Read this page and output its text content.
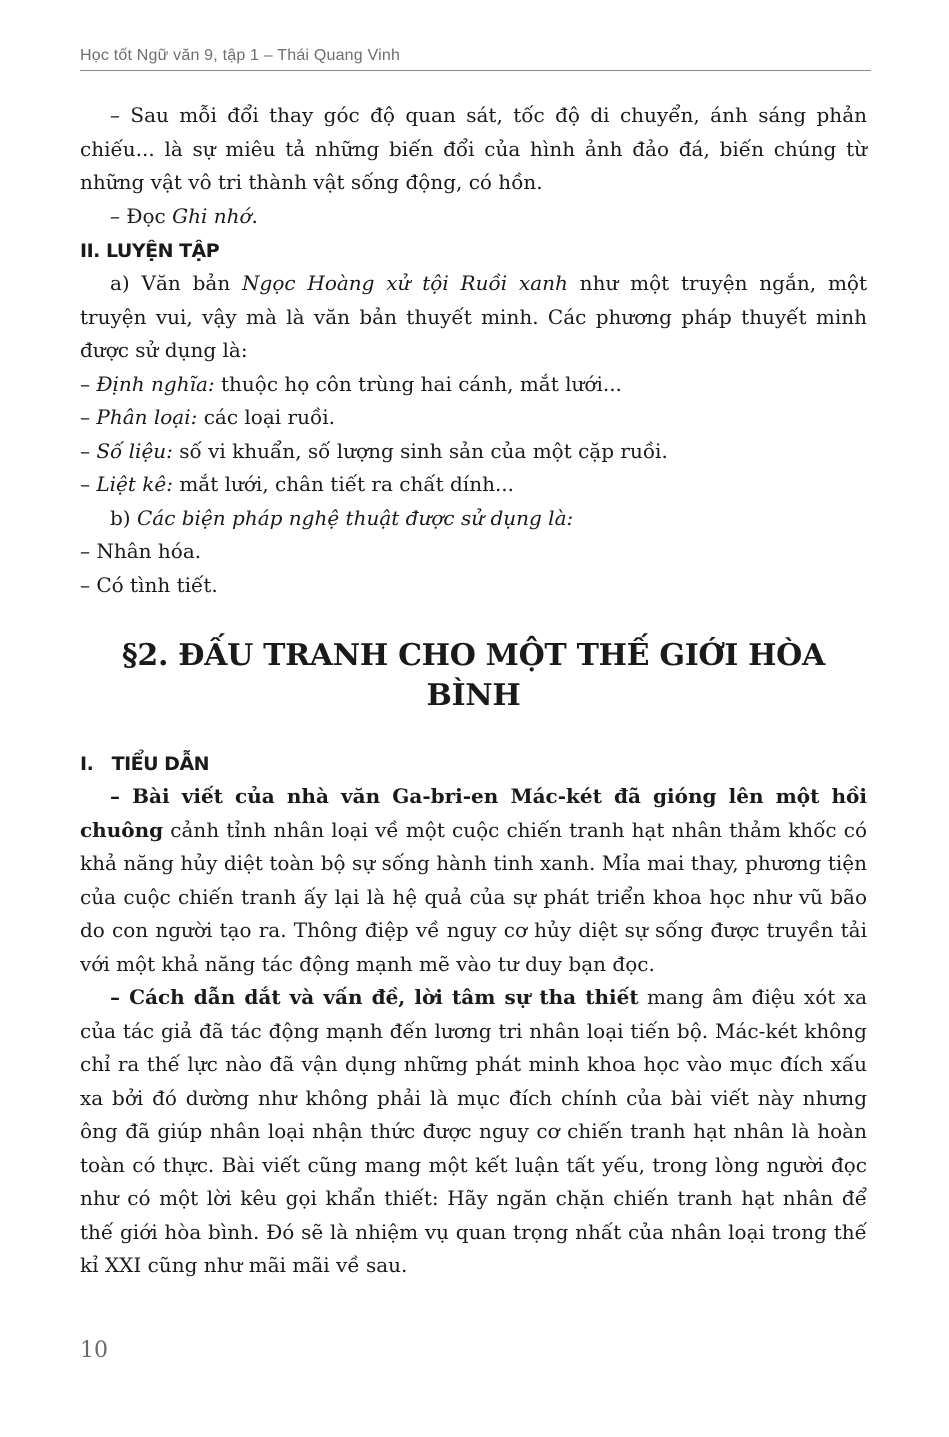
Học tốt Ngữ văn 9, tập 1 – Thái Quang Vinh

– Sau mỗi đổi thay góc độ quan sát, tốc độ di chuyển, ánh sáng phản chiếu... là sự miêu tả những biến đổi của hình ảnh đảo đá, biến chúng từ những vật vô tri thành vật sống động, có hồn.

– Đọc Ghi nhớ.

II. LUYỆN TẬP

a) Văn bản Ngọc Hoàng xử tội Ruồi xanh như một truyện ngắn, một truyện vui, vậy mà là văn bản thuyết minh. Các phương pháp thuyết minh được sử dụng là:

– Định nghĩa: thuộc họ côn trùng hai cánh, mắt lưới...

– Phân loại: các loại ruồi.

– Số liệu: số vi khuẩn, số lượng sinh sản của một cặp ruồi.

– Liệt kê: mắt lưới, chân tiết ra chất dính...

b) Các biện pháp nghệ thuật được sử dụng là:

– Nhân hóa.

– Có tình tiết.

§2. ĐẤU TRANH CHO MỘT THẾ GIỚI HÒA BÌNH
I.   TIỂU DẪN

– Bài viết của nhà văn Ga-bri-en Mác-két đã gióng lên một hồi chuông cảnh tỉnh nhân loại về một cuộc chiến tranh hạt nhân thảm khốc có khả năng hủy diệt toàn bộ sự sống hành tinh xanh. Mỉa mai thay, phương tiện của cuộc chiến tranh ấy lại là hệ quả của sự phát triển khoa học như vũ bão do con người tạo ra. Thông điệp về nguy cơ hủy diệt sự sống được truyền tải với một khả năng tác động mạnh mẽ vào tư duy bạn đọc.

– Cách dẫn dắt và vấn đề, lời tâm sự tha thiết mang âm điệu xót xa của tác giả đã tác động mạnh đến lương tri nhân loại tiến bộ. Mác-két không chỉ ra thế lực nào đã vận dụng những phát minh khoa học vào mục đích xấu xa bởi đó dường như không phải là mục đích chính của bài viết này nhưng ông đã giúp nhân loại nhận thức được nguy cơ chiến tranh hạt nhân là hoàn toàn có thực. Bài viết cũng mang một kết luận tất yếu, trong lòng người đọc như có một lời kêu gọi khẩn thiết: Hãy ngăn chặn chiến tranh hạt nhân để thế giới hòa bình. Đó sẽ là nhiệm vụ quan trọng nhất của nhân loại trong thế kỉ XXI cũng như mãi mãi về sau.

10
